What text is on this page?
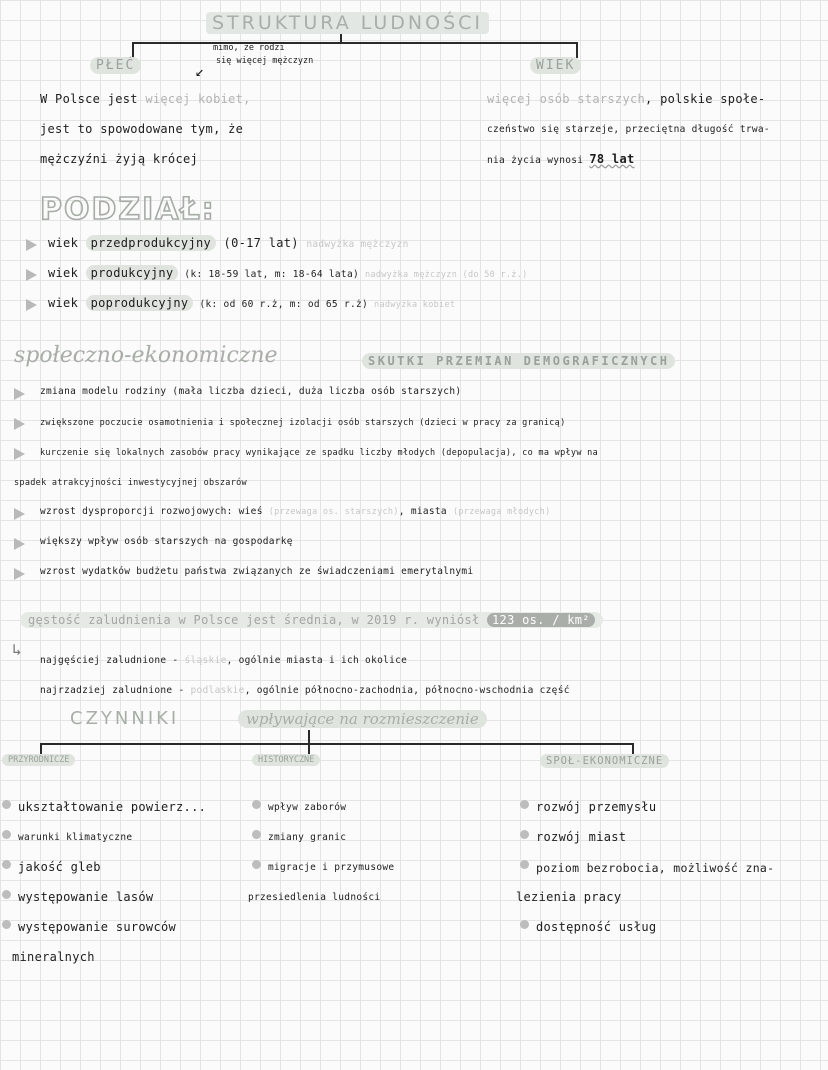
STRUKTURA LUDNOŚCI
PŁEĆ
mimo, że rodzi
się więcej mężczyzn
↙
W Polsce jest więcej kobiet,
jest to spowodowane tym, że
mężczyźni żyją krócej
WIEK
więcej osób starszych, polskie społe-
czeństwo się starzeje, przeciętna długość trwa-
nia życia wynosi 78 lat
PODZIAŁ:
wiek przedprodukcyjny (0-17 lat) nadwyżka mężczyzn
wiek produkcyjny (k: 18-59 lat, m: 18-64 lata) nadwyżka mężczyzn (do 50 r.ż.)
wiek poprodukcyjny (k: od 60 r.ż, m: od 65 r.ż) nadwyżka kobiet
społeczno-ekonomiczne	SKUTKI PRZEMIAN DEMOGRAFICZNYCH
zmiana modelu rodziny (mała liczba dzieci, duża liczba osób starszych)
zwiększone poczucie osamotnienia i społecznej izolacji osób starszych (dzieci w pracy za granicą)
kurczenie się lokalnych zasobów pracy wynikające ze spadku liczby młodych (depopulacja), co ma wpływ na
spadek atrakcyjności inwestycyjnej obszarów
wzrost dysproporcji rozwojowych: wieś (przewaga os. starszych), miasta (przewaga młodych)
większy wpływ osób starszych na gospodarkę
wzrost wydatków budżetu państwa związanych ze świadczeniami emerytalnymi
gęstość zaludnienia w Polsce jest średnia, w 2019 r. wyniósł 123 os. / km²
↳
najgęściej zaludnione - śląskie, ogólnie miasta i ich okolice
najrzadziej zaludnione - podlaskie, ogólnie północno-zachodnia, północno-wschodnia część
CZYNNIKI	wpływające na rozmieszczenie
PRZYRODNICZE	HISTORYCZNE	SPOŁ-EKONOMICZNE
ukształtowanie powierz...
warunki klimatyczne
jakość gleb
występowanie lasów
występowanie surowców
mineralnych
wpływ zaborów
zmiany granic
migracje i przymusowe
przesiedlenia ludności
rozwój przemysłu
rozwój miast
poziom bezrobocia, możliwość zna-
lezienia pracy
dostępność usług
